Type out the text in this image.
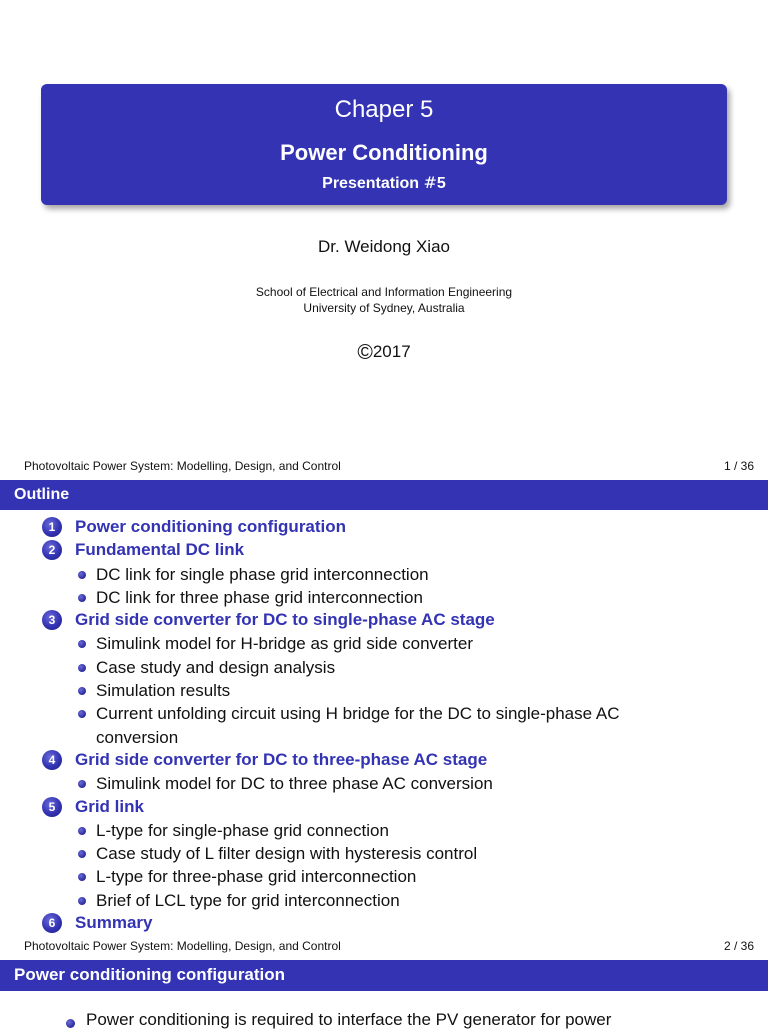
Chaper 5
Power Conditioning
Presentation #5
Dr. Weidong Xiao
School of Electrical and Information Engineering
University of Sydney, Australia
©2017
Photovoltaic Power System: Modelling, Design, and Control	1 / 36
Outline
1	Power conditioning configuration
2	Fundamental DC link
DC link for single phase grid interconnection
DC link for three phase grid interconnection
3	Grid side converter for DC to single-phase AC stage
Simulink model for H-bridge as grid side converter
Case study and design analysis
Simulation results
Current unfolding circuit using H bridge for the DC to single-phase AC conversion
4	Grid side converter for DC to three-phase AC stage
Simulink model for DC to three phase AC conversion
5	Grid link
L-type for single-phase grid connection
Case study of L filter design with hysteresis control
L-type for three-phase grid interconnection
Brief of LCL type for grid interconnection
6	Summary
Photovoltaic Power System: Modelling, Design, and Control	2 / 36
Power conditioning configuration
Power conditioning is required to interface the PV generator for power
